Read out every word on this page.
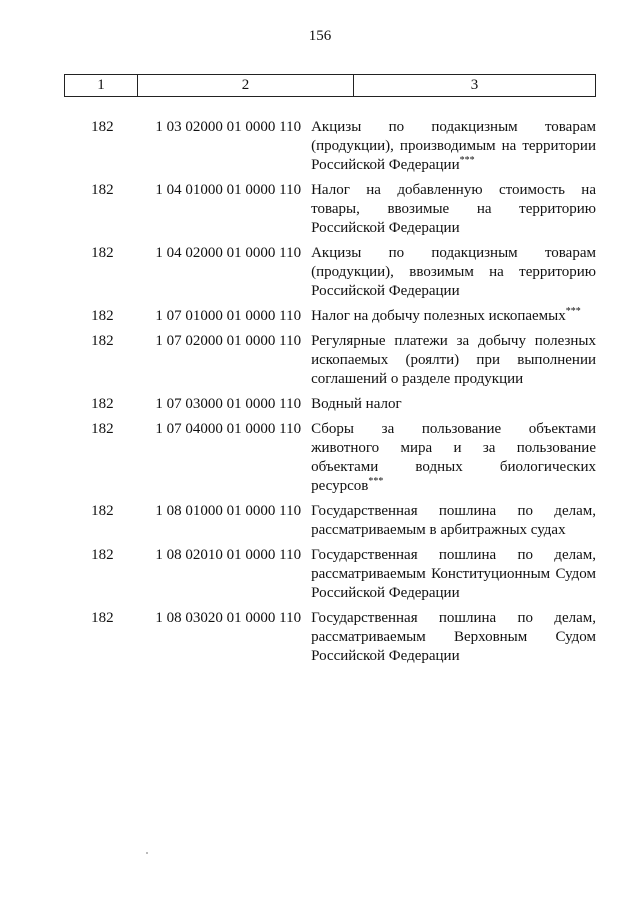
156
1	2	3
182	1 03 02000 01 0000 110 Акцизы по подакцизным товарам (продукции), производимым на территории Российской Федерации***
182	1 04 01000 01 0000 110 Налог на добавленную стоимость на товары, ввозимые на территорию Российской Федерации
182	1 04 02000 01 0000 110 Акцизы по подакцизным товарам (продукции), ввозимым на территорию Российской Федерации
182	1 07 01000 01 0000 110 Налог на добычу полезных ископаемых***
182	1 07 02000 01 0000 110 Регулярные платежи за добычу полезных ископаемых (роялти) при выполнении соглашений о разделе продукции
182	1 07 03000 01 0000 110 Водный налог
182	1 07 04000 01 0000 110 Сборы за пользование объектами животного мира и за пользование объектами водных биологических ресурсов***
182	1 08 01000 01 0000 110 Государственная пошлина по делам, рассматриваемым в арбитражных судах
182	1 08 02010 01 0000 110 Государственная пошлина по делам, рассматриваемым Конституционным Судом Российской Федерации
182	1 08 03020 01 0000 110 Государственная пошлина по делам, рассматриваемым Верховным Судом Российской Федерации
